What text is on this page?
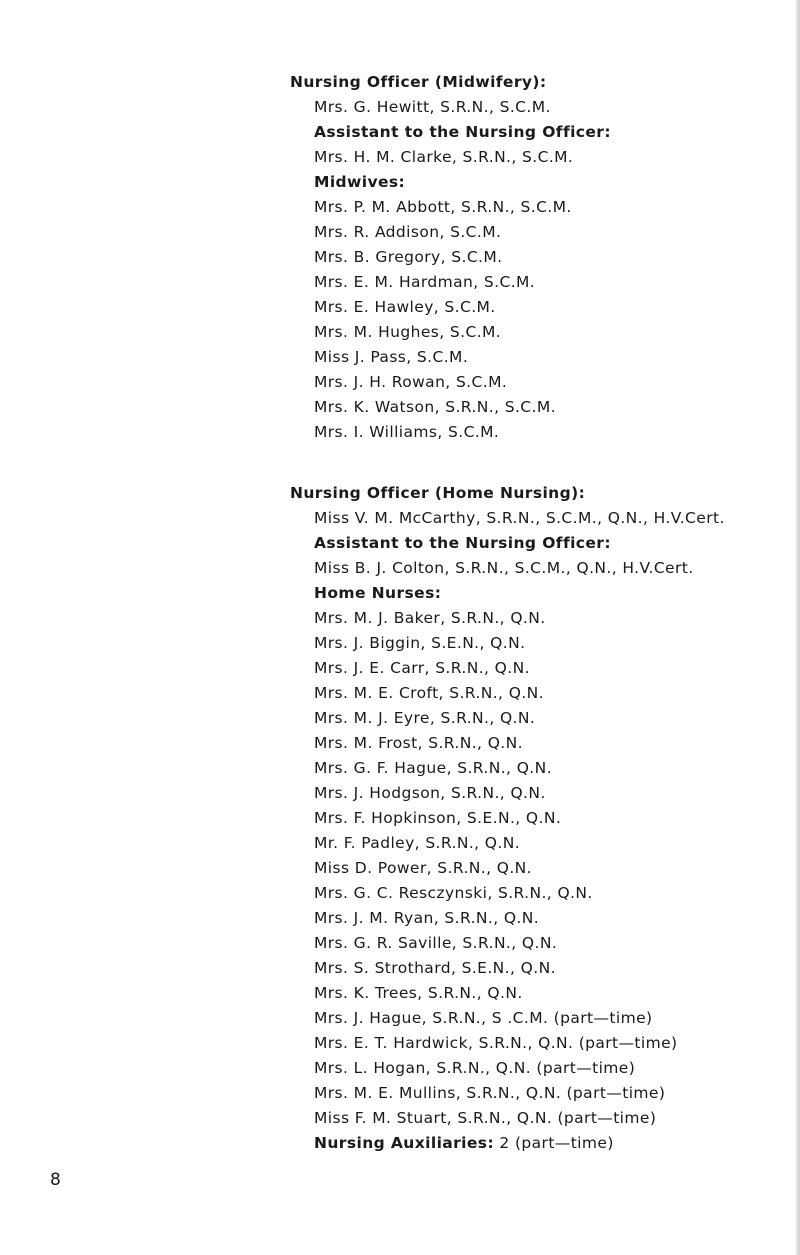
Nursing Officer (Midwifery):
Mrs. G. Hewitt, S.R.N., S.C.M.
Assistant to the Nursing Officer:
Mrs. H. M. Clarke, S.R.N., S.C.M.
Midwives:
Mrs. P. M. Abbott, S.R.N., S.C.M.
Mrs. R. Addison, S.C.M.
Mrs. B. Gregory, S.C.M.
Mrs. E. M. Hardman, S.C.M.
Mrs. E. Hawley, S.C.M.
Mrs. M. Hughes, S.C.M.
Miss J. Pass, S.C.M.
Mrs. J. H. Rowan, S.C.M.
Mrs. K. Watson, S.R.N., S.C.M.
Mrs. I. Williams, S.C.M.
Nursing Officer (Home Nursing):
Miss V. M. McCarthy, S.R.N., S.C.M., Q.N., H.V.Cert.
Assistant to the Nursing Officer:
Miss B. J. Colton, S.R.N., S.C.M., Q.N., H.V.Cert.
Home Nurses:
Mrs. M. J. Baker, S.R.N., Q.N.
Mrs. J. Biggin, S.E.N., Q.N.
Mrs. J. E. Carr, S.R.N., Q.N.
Mrs. M. E. Croft, S.R.N., Q.N.
Mrs. M. J. Eyre, S.R.N., Q.N.
Mrs. M. Frost, S.R.N., Q.N.
Mrs. G. F. Hague, S.R.N., Q.N.
Mrs. J. Hodgson, S.R.N., Q.N.
Mrs. F. Hopkinson, S.E.N., Q.N.
Mr. F. Padley, S.R.N., Q.N.
Miss D. Power, S.R.N., Q.N.
Mrs. G. C. Resczynski, S.R.N., Q.N.
Mrs. J. M. Ryan, S.R.N., Q.N.
Mrs. G. R. Saville, S.R.N., Q.N.
Mrs. S. Strothard, S.E.N., Q.N.
Mrs. K. Trees, S.R.N., Q.N.
Mrs. J. Hague, S.R.N., S .C.M. (part—time)
Mrs. E. T. Hardwick, S.R.N., Q.N. (part—time)
Mrs. L. Hogan, S.R.N., Q.N. (part—time)
Mrs. M. E. Mullins, S.R.N., Q.N. (part—time)
Miss F. M. Stuart, S.R.N., Q.N. (part—time)
Nursing Auxiliaries: 2 (part—time)
8
